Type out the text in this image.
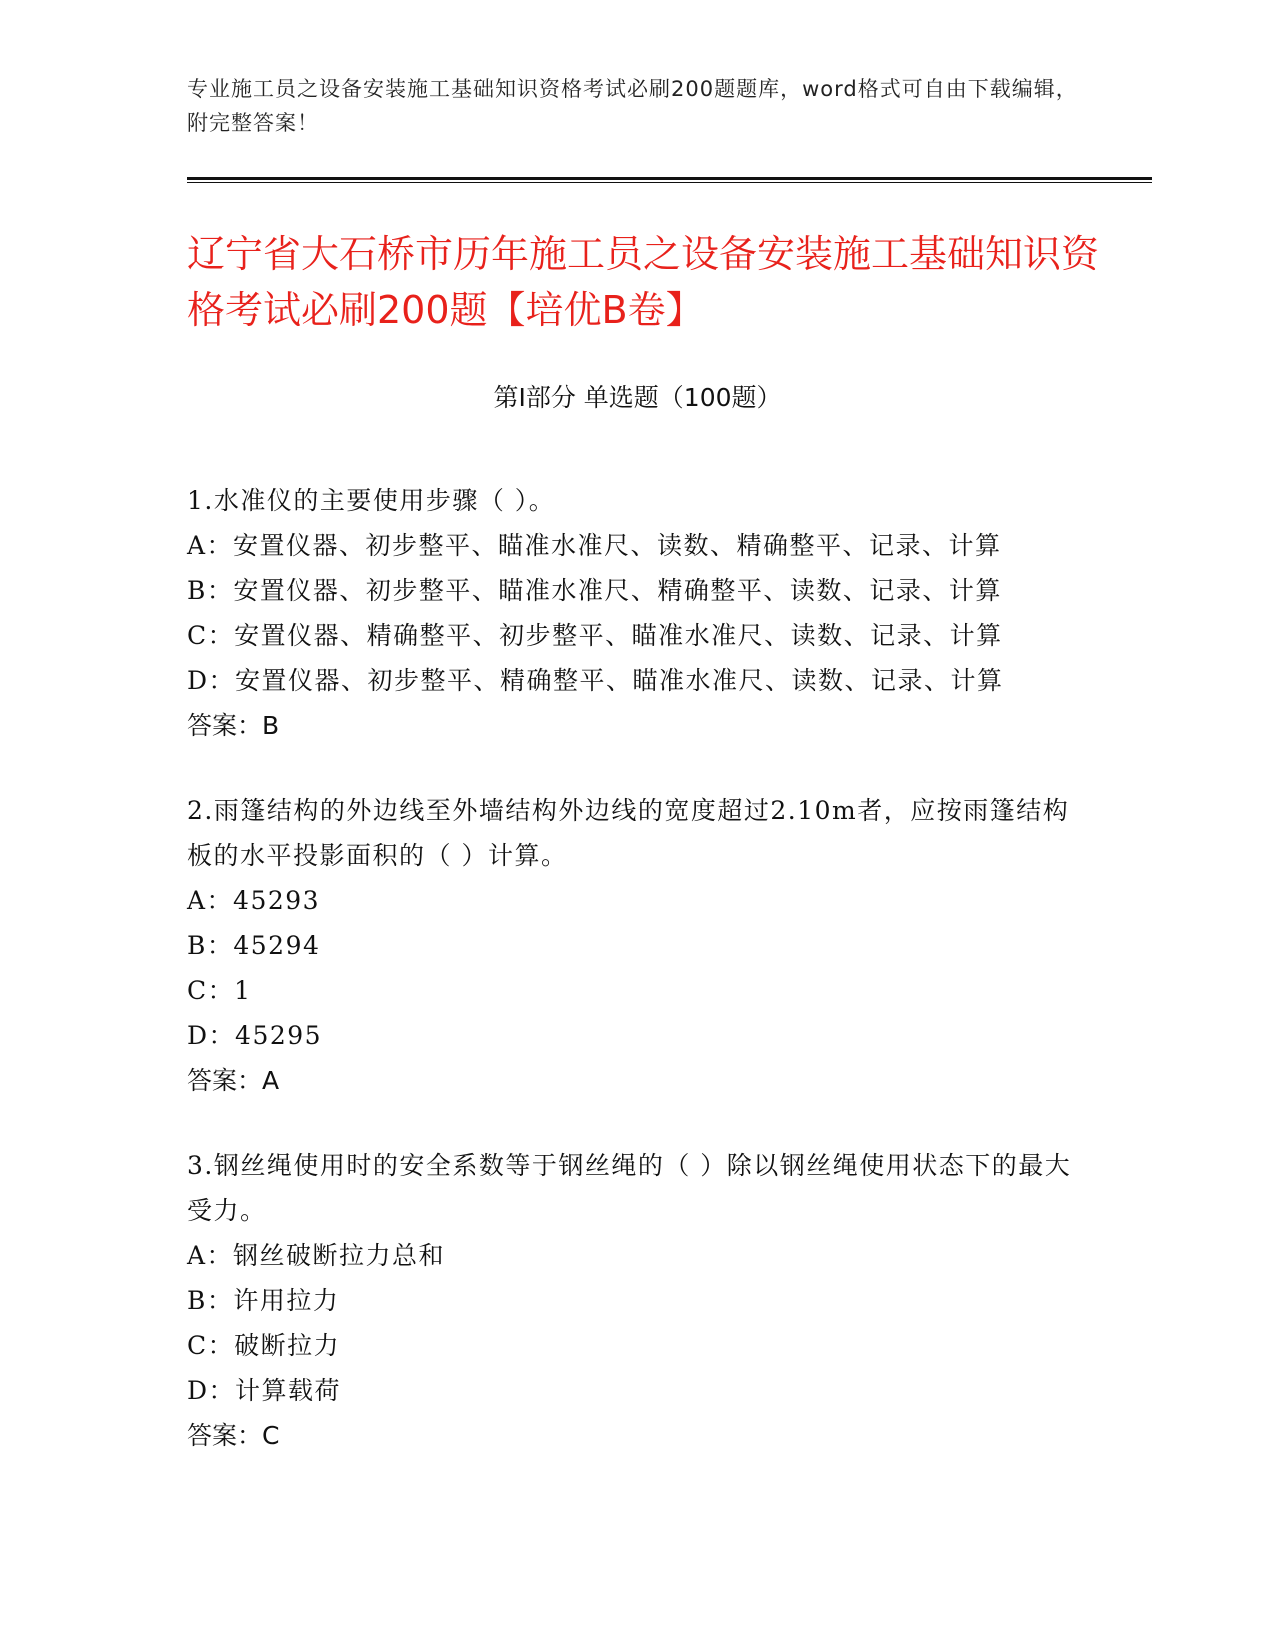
专业施工员之设备安装施工基础知识资格考试必刷200题题库，word格式可自由下载编辑，附完整答案！
辽宁省大石桥市历年施工员之设备安装施工基础知识资格考试必刷200题【培优B卷】
第Ⅰ部分 单选题（100题）
1.水准仪的主要使用步骤（ ）。
A：安置仪器、初步整平、瞄准水准尺、读数、精确整平、记录、计算
B：安置仪器、初步整平、瞄准水准尺、精确整平、读数、记录、计算
C：安置仪器、精确整平、初步整平、瞄准水准尺、读数、记录、计算
D：安置仪器、初步整平、精确整平、瞄准水准尺、读数、记录、计算
答案：B
2.雨篷结构的外边线至外墙结构外边线的宽度超过2.10m者，应按雨篷结构板的水平投影面积的（ ）计算。
A：45293
B：45294
C：1
D：45295
答案：A
3.钢丝绳使用时的安全系数等于钢丝绳的（ ）除以钢丝绳使用状态下的最大受力。
A：钢丝破断拉力总和
B：许用拉力
C：破断拉力
D：计算载荷
答案：C
